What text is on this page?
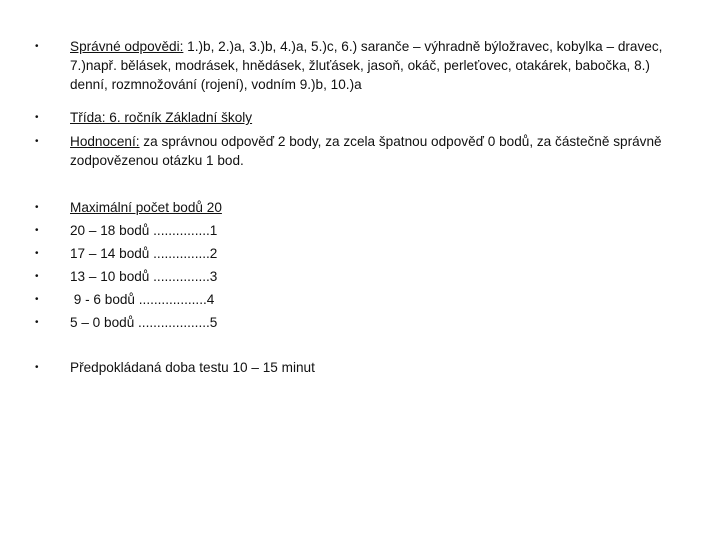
• Správné odpovědi: 1.)b, 2.)a, 3.)b, 4.)a, 5.)c, 6.) saranče – výhradně býložravec, kobylka – dravec, 7.)např. bělásek, modrásek, hnědásek, žluťásek, jasoň, okáč, perleťovec, otakárek, babočka, 8.) denní, rozmnožování (rojení), vodním 9.)b, 10.)a
• Třída: 6. ročník Základní školy
• Hodnocení: za správnou odpověď 2 body, za zcela špatnou odpověď 0 bodů, za částečně správně zodpovězenou otázku 1 bod.
• Maximální počet bodů 20
• 20 – 18 bodů ...............1
• 17 – 14 bodů ...............2
• 13 – 10 bodů ...............3
• 9 - 6 bodů ..................4
• 5 – 0 bodů ...................5
• Předpokládaná doba testu 10 – 15 minut
